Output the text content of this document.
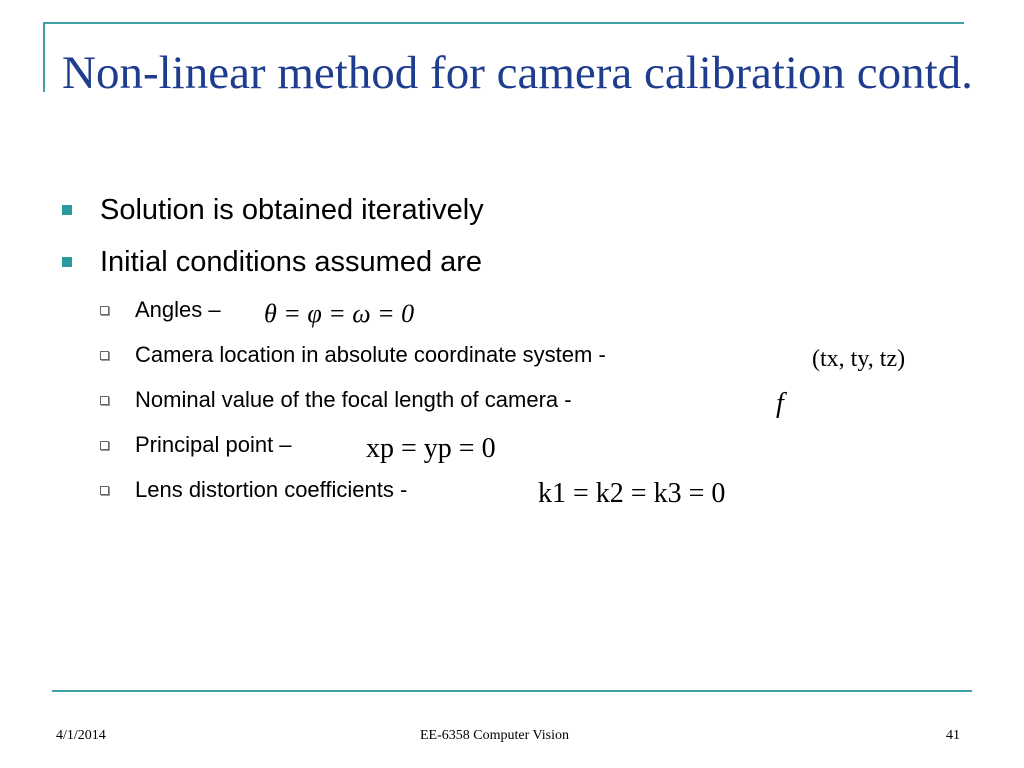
Non-linear method for camera calibration contd.
Solution is obtained iteratively
Initial conditions assumed are
Angles –
Camera location in absolute coordinate system -
Nominal value of the focal length of camera -
Principal point –
Lens distortion coefficients -
θ = φ = ω = 0
(tx, ty, tz)
f
xp = yp = 0
k1 = k2 = k3 = 0
4/1/2014	EE-6358 Computer Vision	41
